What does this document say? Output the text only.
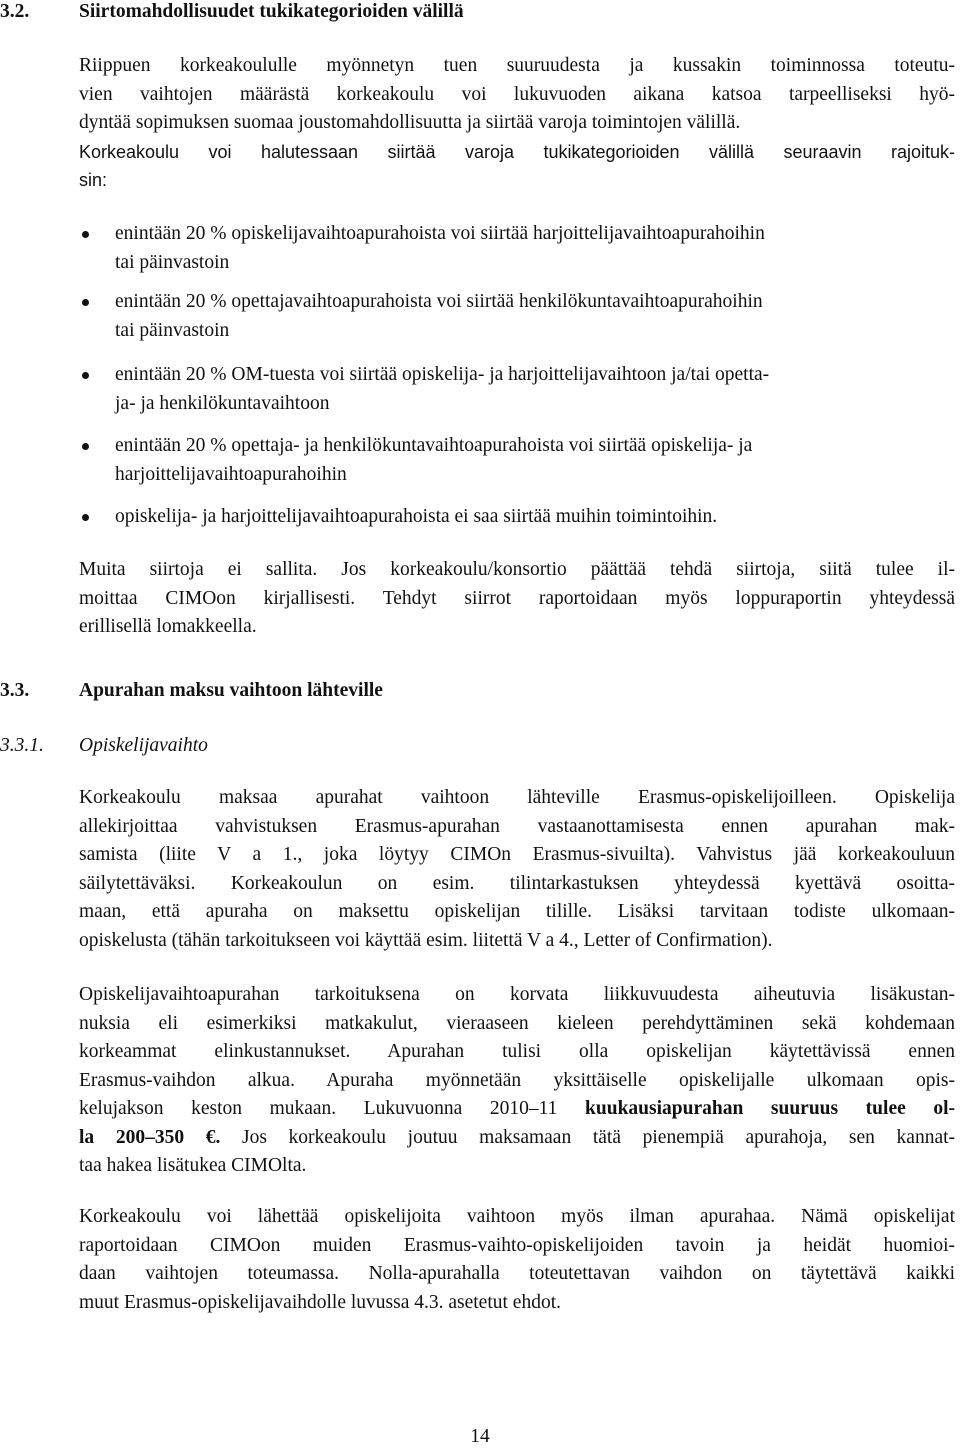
3.2.	Siirtomahdollisuudet tukikategorioiden välillä
Riippuen korkeakoululle myönnetyn tuen suuruudesta ja kussakin toiminnossa toteutu-
vien vaihtojen määrästä korkeakoulu voi lukuvuoden aikana katsoa tarpeelliseksi hyö-
dyntää sopimuksen suomaa joustomahdollisuutta ja siirtää varoja toimintojen välillä.
Korkeakoulu voi halutessaan siirtää varoja tukikategorioiden välillä seuraavin rajoituk-
sin:
enintään 20 % opiskelijavaihtoapurahoista voi siirtää harjoittelijavaihtoapurahoihin
tai päinvastoin
enintään 20 % opettajavaihtoapurahoista voi siirtää henkilökuntavaihtoapurahoihin
tai päinvastoin
enintään 20 % OM-tuesta voi siirtää opiskelija- ja harjoittelijavaihtoon ja/tai opetta-
ja- ja henkilökuntavaihtoon
enintään 20 % opettaja- ja henkilökuntavaihtoapurahoista voi siirtää opiskelija- ja
harjoittelijavaihtoapurahoihin
opiskelija- ja harjoittelijavaihtoapurahoista ei saa siirtää muihin toimintoihin.
Muita siirtoja ei sallita. Jos korkeakoulu/konsortio päättää tehdä siirtoja, siitä tulee il-
moittaa CIMOon kirjallisesti. Tehdyt siirrot raportoidaan myös loppuraportin yhteydessä
erillisellä lomakkeella.
3.3.	Apurahan maksu vaihtoon lähteville
3.3.1. Opiskelijavaihto
Korkeakoulu maksaa apurahat vaihtoon lähteville Erasmus-opiskelijoilleen. Opiskelija
allekirjoittaa vahvistuksen Erasmus-apurahan vastaanottamisesta ennen apurahan mak-
samista (liite V a 1., joka löytyy CIMOn Erasmus-sivuilta). Vahvistus jää korkeakouluun
säilytettäväksi. Korkeakoulun on esim. tilintarkastuksen yhteydessä kyettävä osoitta-
maan, että apuraha on maksettu opiskelijan tilille. Lisäksi tarvitaan todiste ulkomaan-
opiskelusta (tähän tarkoitukseen voi käyttää esim. liitettä V a 4., Letter of Confirmation).
Opiskelijavaihtoapurahan tarkoituksena on korvata liikkuvuudesta aiheutuvia lisäkustan-
nuksia eli esimerkiksi matkakulut, vieraaseen kieleen perehdyttäminen sekä kohdemaan
korkeammat elinkustannukset. Apurahan tulisi olla opiskelijan käytettävissä ennen
Erasmus-vaihdon alkua. Apuraha myönnetään yksittäiselle opiskelijalle ulkomaan opis-
kelujakson keston mukaan. Lukuvuonna 2010–11 kuukausiapurahan suuruus tulee ol-
la 200–350 €. Jos korkeakoulu joutuu maksamaan tätä pienempiä apurahoja, sen kannat-
taa hakea lisätukea CIMOlta.
Korkeakoulu voi lähettää opiskelijoita vaihtoon myös ilman apurahaa. Nämä opiskelijat
raportoidaan CIMOon muiden Erasmus-vaihto-opiskelijoiden tavoin ja heidät huomioi-
daan vaihtojen toteumassa. Nolla-apurahalla toteutettavan vaihdon on täytettävä kaikki
muut Erasmus-opiskelijavaihdolle luvussa 4.3. asetetut ehdot.
14
